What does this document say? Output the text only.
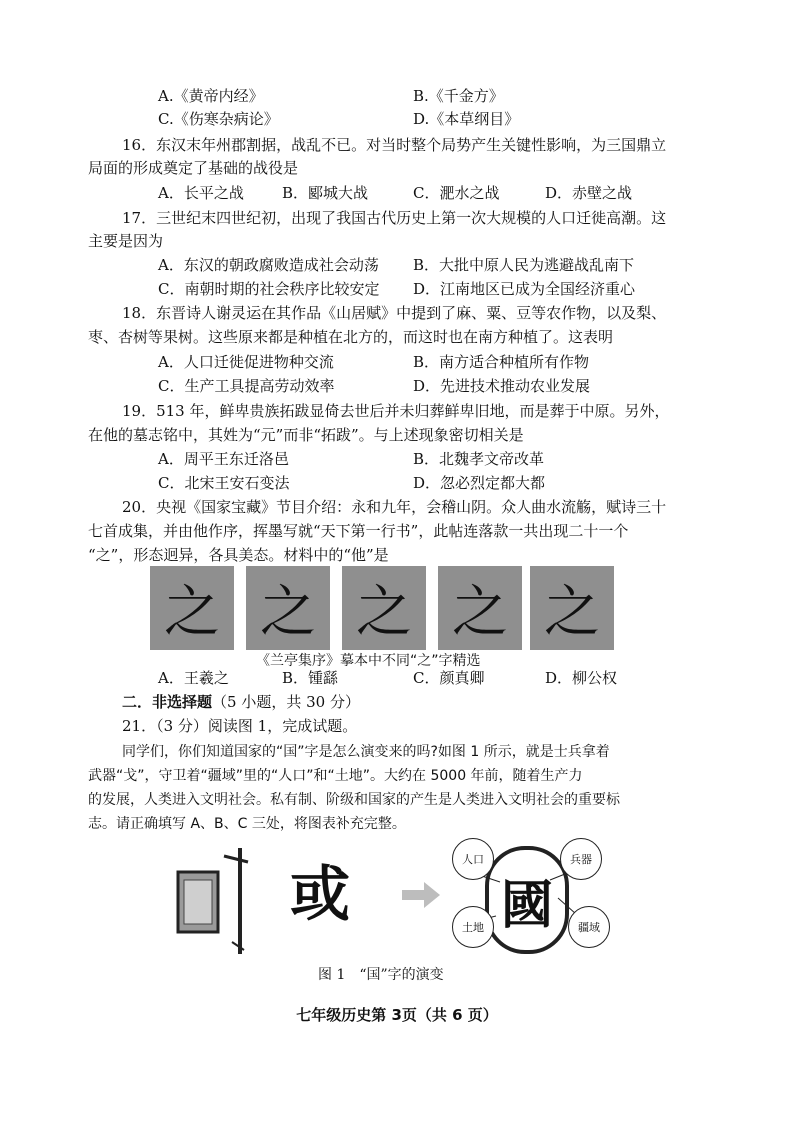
A.《黄帝内经》	B.《千金方》
C.《伤寒杂病论》	D.《本草纲目》
16．东汉末年州郡割据，战乱不已。对当时整个局势产生关键性影响，为三国鼎立
局面的形成奠定了基础的战役是
A．长平之战	B．郾城大战	C．淝水之战	D．赤壁之战
17．三世纪末四世纪初，出现了我国古代历史上第一次大规模的人口迁徙高潮。这
主要是因为
A．东汉的朝政腐败造成社会动荡 B．大批中原人民为逃避战乱南下
C．南朝时期的社会秩序比较安定 D．江南地区已成为全国经济重心
18．东晋诗人谢灵运在其作品《山居赋》中提到了麻、粟、豆等农作物，以及梨、
枣、杏树等果树。这些原来都是种植在北方的，而这时也在南方种植了。这表明
A．人口迁徙促进物种交流	B．南方适合种植所有作物
C．生产工具提高劳动效率	D．先进技术推动农业发展
19．513 年，鲜卑贵族拓跋显倚去世后并未归葬鲜卑旧地，而是葬于中原。另外，
在他的墓志铭中，其姓为“元”而非“拓跋”。与上述现象密切相关是
A．周平王东迁洛邑	B．北魏孝文帝改革
C．北宋王安石变法	D．忽必烈定都大都
20．央视《国家宝藏》节目介绍：永和九年，会稽山阴。众人曲水流觞，赋诗三十
七首成集，并由他作序，挥墨写就“天下第一行书”，此帖连落款一共出现二十一个
“之”，形态迥异，各具美态。材料中的“他”是
之 之 之 之 之
《兰亭集序》摹本中不同“之”字精选
A．王羲之	B．锺繇	C．颜真卿	D．柳公权
二．非选择题（5 小题，共 30 分）
21．（3 分）阅读图 1，完成试题。
同学们，你们知道国家的“国”字是怎么演变来的吗?如图 1 所示，就是士兵拿着
武器“戈”，守卫着“疆域”里的“人口”和“土地”。大约在 5000 年前，随着生产力
的发展，人类进入文明社会。私有制、阶级和国家的产生是人类进入文明社会的重要标
志。请正确填写 A、B、C 三处，将图表补充完整。
或	國
人口	兵器
土地	疆域
图 1　“国”字的演变
七年级历史第 3页（共 6 页）
